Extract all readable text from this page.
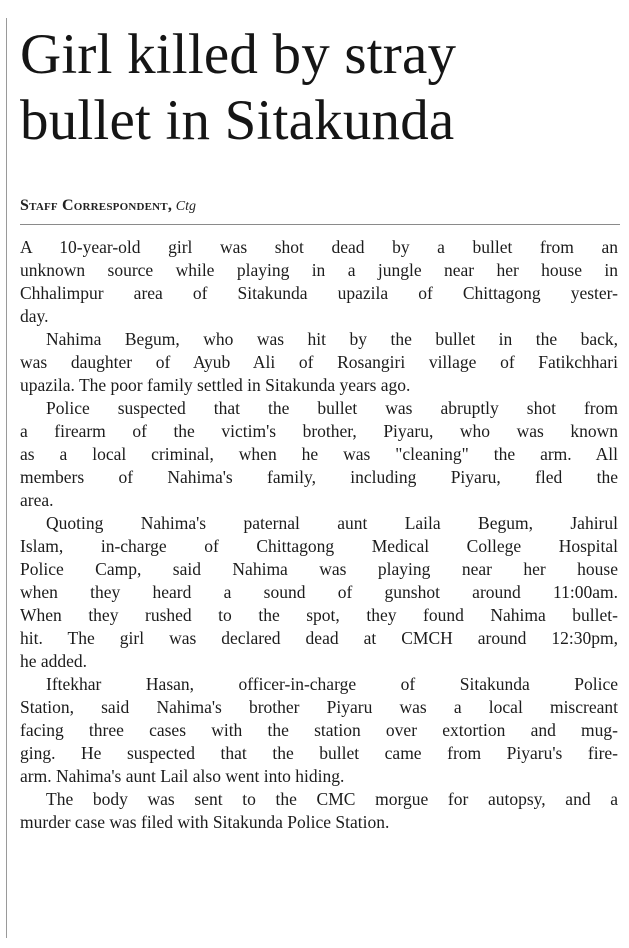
Girl killed by stray
bullet in Sitakunda
Staff Correspondent, Ctg

A 10-year-old girl was shot dead by a bullet from an
unknown source while playing in a jungle near her house in
Chhalimpur area of Sitakunda upazila of Chittagong yester-
day.

Nahima Begum, who was hit by the bullet in the back,
was daughter of Ayub Ali of Rosangiri village of Fatikchhari
upazila. The poor family settled in Sitakunda years ago.

Police suspected that the bullet was abruptly shot from
a firearm of the victim's brother, Piyaru, who was known
as a local criminal, when he was "cleaning" the arm. All
members of Nahima's family, including Piyaru, fled the
area.

Quoting Nahima's paternal aunt Laila Begum, Jahirul
Islam, in-charge of Chittagong Medical College Hospital
Police Camp, said Nahima was playing near her house
when they heard a sound of gunshot around 11:00am.
When they rushed to the spot, they found Nahima bullet-
hit. The girl was declared dead at CMCH around 12:30pm,
he added.

Iftekhar Hasan, officer-in-charge of Sitakunda Police
Station, said Nahima's brother Piyaru was a local miscreant
facing three cases with the station over extortion and mug-
ging. He suspected that the bullet came from Piyaru's fire-
arm. Nahima's aunt Lail also went into hiding.

The body was sent to the CMC morgue for autopsy, and a
murder case was filed with Sitakunda Police Station.
